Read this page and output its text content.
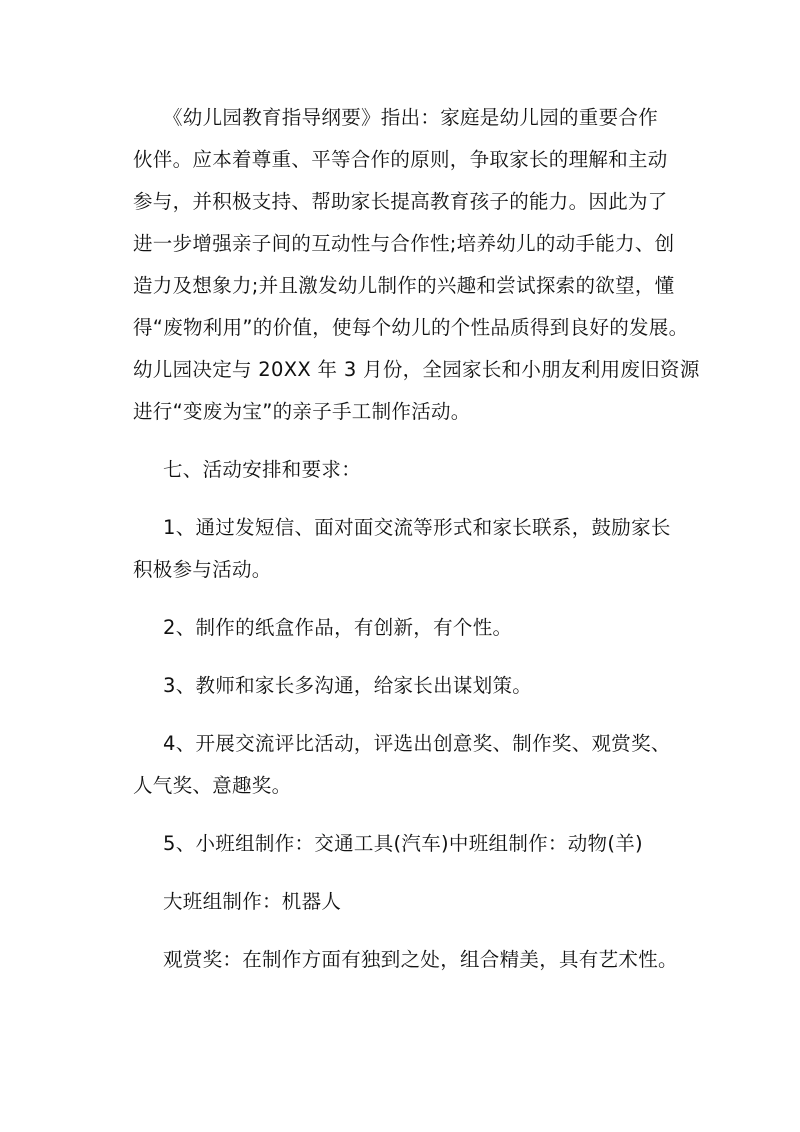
《幼儿园教育指导纲要》指出：家庭是幼儿园的重要合作
伙伴。应本着尊重、平等合作的原则，争取家长的理解和主动
参与，并积极支持、帮助家长提高教育孩子的能力。因此为了
进一步增强亲子间的互动性与合作性;培养幼儿的动手能力、创
造力及想象力;并且激发幼儿制作的兴趣和尝试探索的欲望，懂
得“废物利用”的价值，使每个幼儿的个性品质得到良好的发展。
幼儿园决定与 20XX 年 3 月份，全园家长和小朋友利用废旧资源
进行“变废为宝”的亲子手工制作活动。
七、活动安排和要求：
1、通过发短信、面对面交流等形式和家长联系，鼓励家长
积极参与活动。
2、制作的纸盒作品，有创新，有个性。
3、教师和家长多沟通，给家长出谋划策。
4、开展交流评比活动，评选出创意奖、制作奖、观赏奖、
人气奖、意趣奖。
5、小班组制作：交通工具(汽车)中班组制作：动物(羊)
大班组制作：机器人
观赏奖：在制作方面有独到之处，组合精美，具有艺术性。
